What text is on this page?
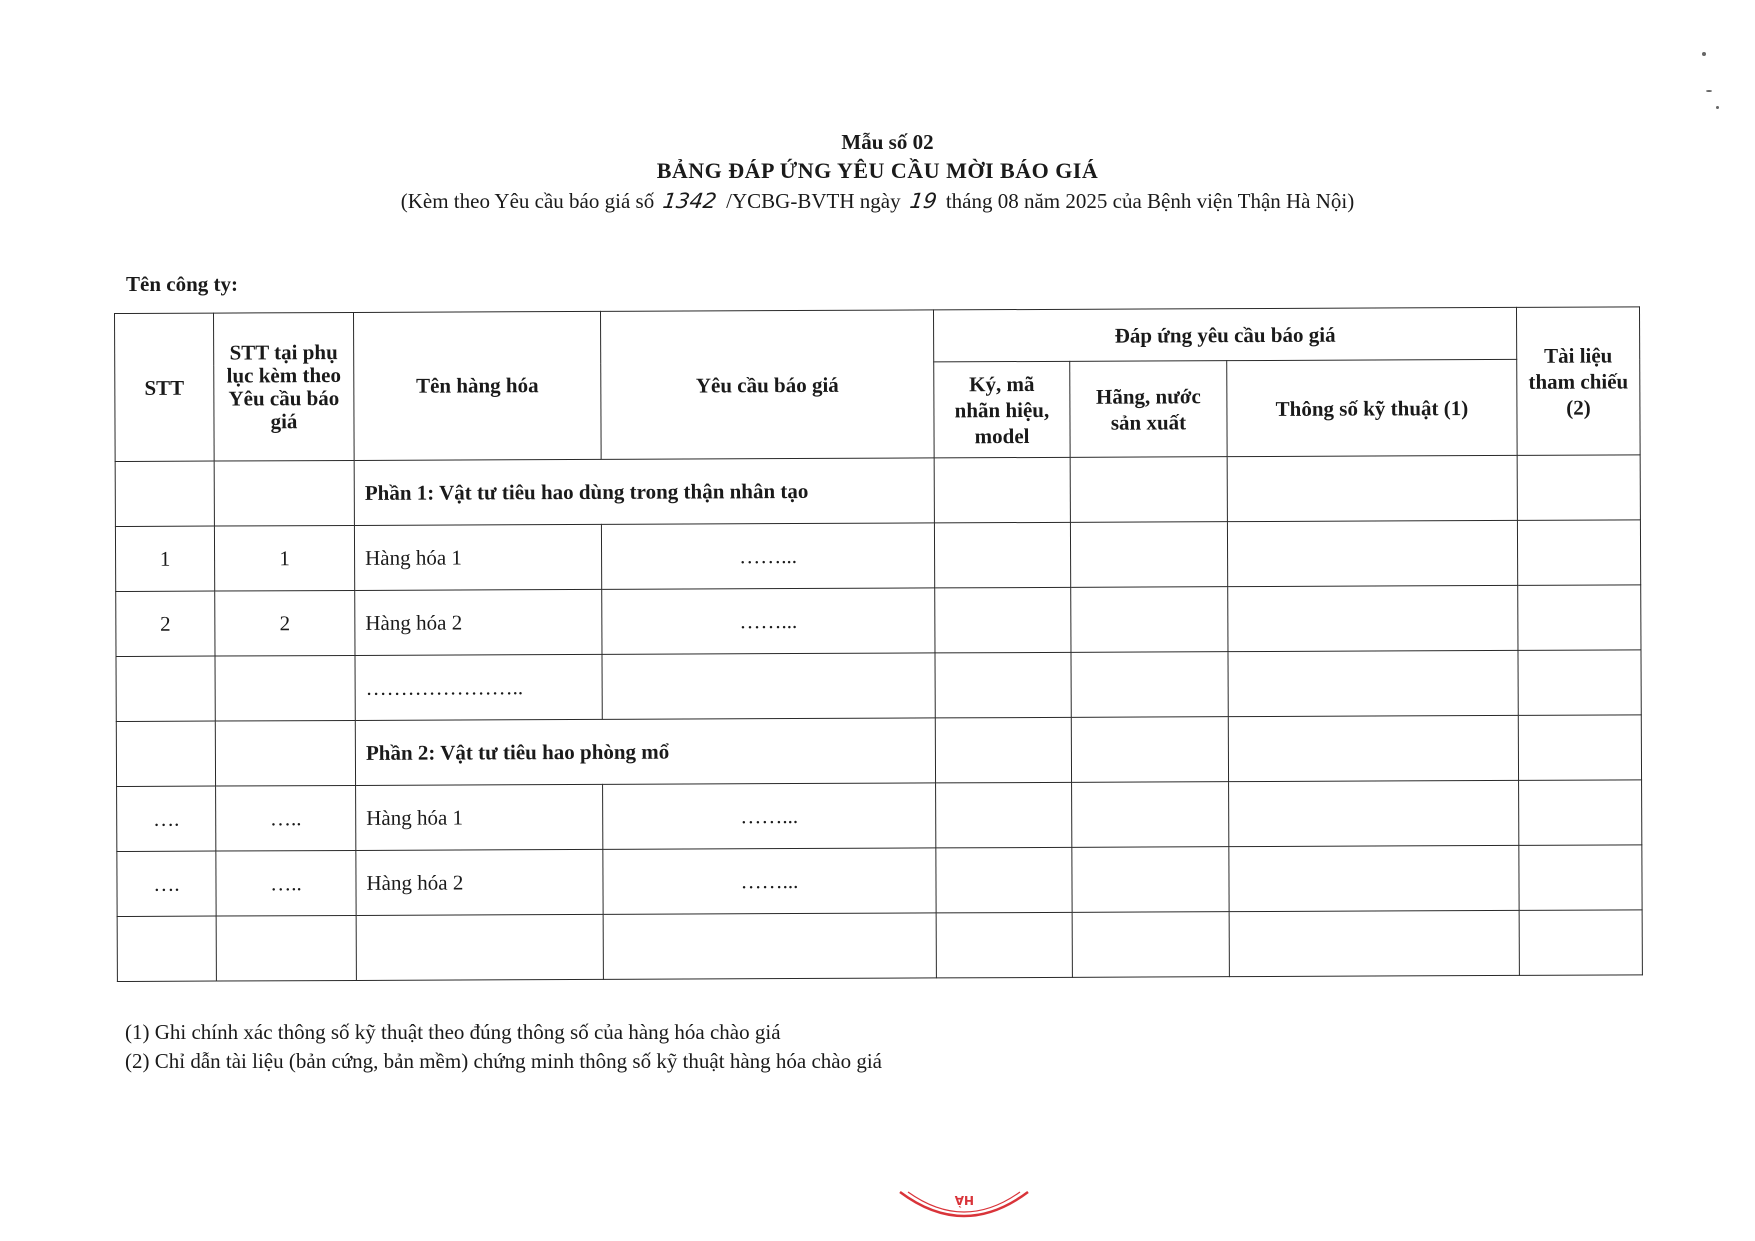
Mẫu số 02
BẢNG ĐÁP ỨNG YÊU CẦU MỜI BÁO GIÁ
(Kèm theo Yêu cầu báo giá số 1342 /YCBG-BVTH ngày 19 tháng 08 năm 2025 của Bệnh viện Thận Hà Nội)
Tên công ty:
STT	STT tại phụ lục kèm theo Yêu cầu báo giá	Tên hàng hóa	Yêu cầu báo giá	Đáp ứng yêu cầu báo giá			Tài liệu tham chiếu (2)
				Ký, mã nhãn hiệu, model	Hãng, nước sản xuất	Thông số kỹ thuật (1)	
		Phần 1: Vật tư tiêu hao dùng trong thận nhân tạo					
1	1	Hàng hóa 1	……...				
2	2	Hàng hóa 2	……...				
		…………………..					
		Phần 2: Vật tư tiêu hao phòng mổ					
….	…..	Hàng hóa 1	……...				
….	…..	Hàng hóa 2	……...				

(1) Ghi chính xác thông số kỹ thuật theo đúng thông số của hàng hóa chào giá
(2) Chỉ dẫn tài liệu (bản cứng, bản mềm) chứng minh thông số kỹ thuật hàng hóa chào giá
HÀ
